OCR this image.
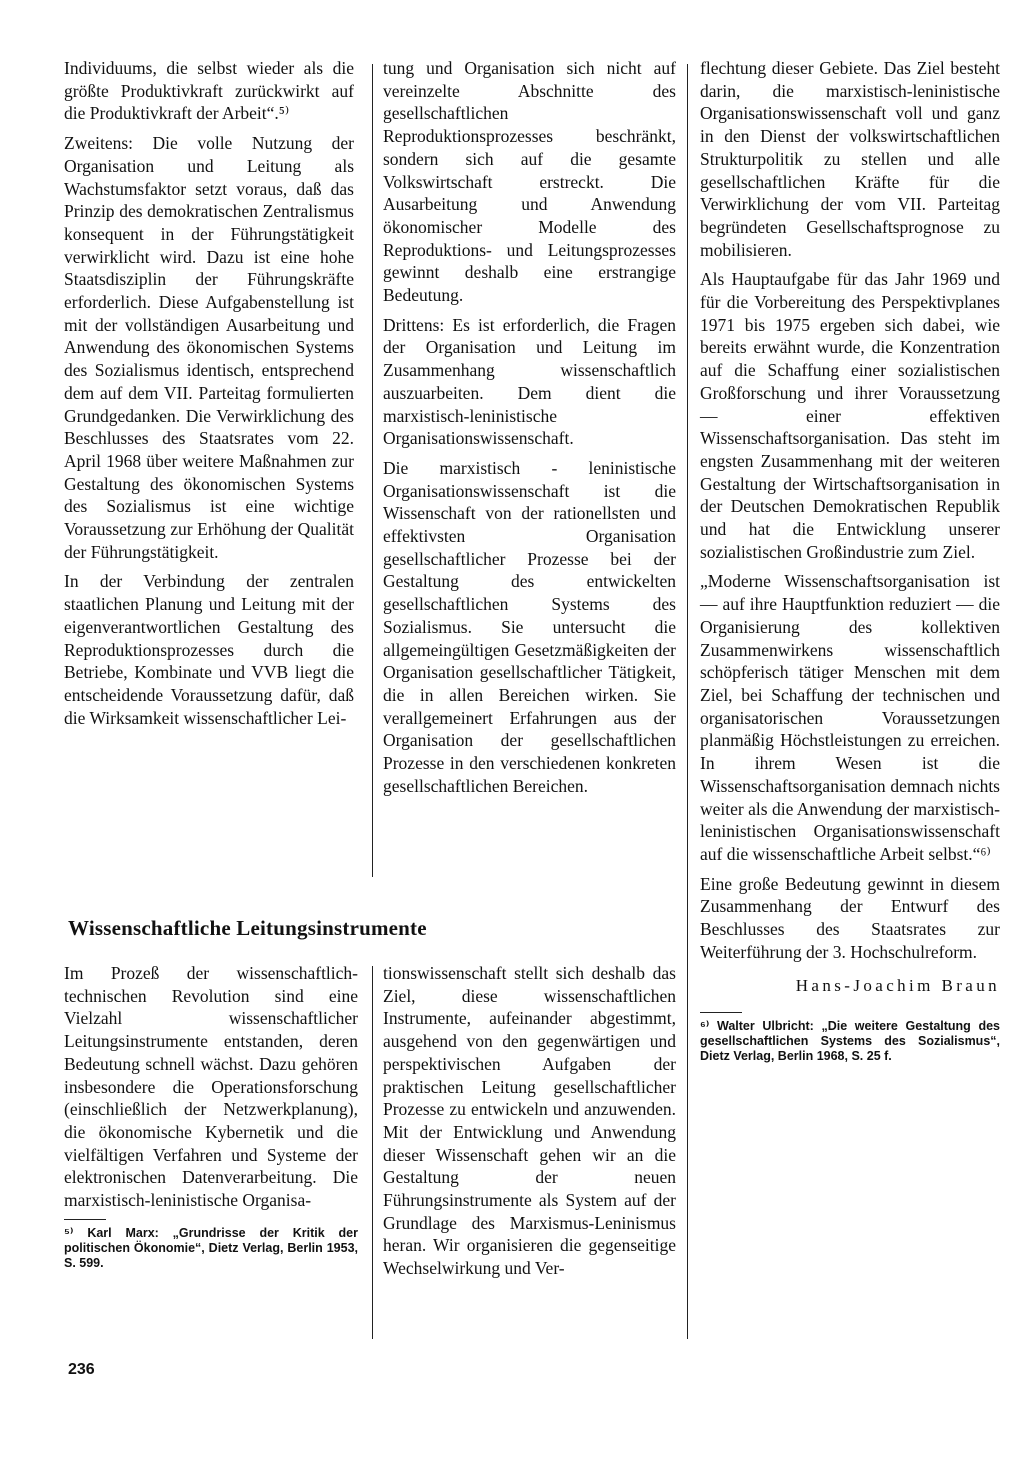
Individuums, die selbst wieder als die größte Produktivkraft zurückwirkt auf die Produktivkraft der Arbeit“.⁵⁾

Zweitens: Die volle Nutzung der Organisation und Leitung als Wachstumsfaktor setzt voraus, daß das Prinzip des demokratischen Zentralismus konsequent in der Führungstätigkeit verwirklicht wird. Dazu ist eine hohe Staatsdisziplin der Führungskräfte erforderlich. Diese Aufgabenstellung ist mit der vollständigen Ausarbeitung und Anwendung des ökonomischen Systems des Sozialismus identisch, entsprechend dem auf dem VII. Parteitag formulierten Grundgedanken. Die Verwirklichung des Beschlusses des Staatsrates vom 22. April 1968 über weitere Maßnahmen zur Gestaltung des ökonomischen Systems des Sozialismus ist eine wichtige Voraussetzung zur Erhöhung der Qualität der Führungstätigkeit.

In der Verbindung der zentralen staatlichen Planung und Leitung mit der eigenverantwortlichen Gestaltung des Reproduktionsprozesses durch die Betriebe, Kombinate und VVB liegt die entscheidende Voraussetzung dafür, daß die Wirksamkeit wissenschaftlicher Lei-

tung und Organisation sich nicht auf vereinzelte Abschnitte des gesellschaftlichen Reproduktionsprozesses beschränkt, sondern sich auf die gesamte Volkswirtschaft erstreckt. Die Ausarbeitung und Anwendung ökonomischer Modelle des Reproduktions- und Leitungsprozesses gewinnt deshalb eine erstrangige Bedeutung.

Drittens: Es ist erforderlich, die Fragen der Organisation und Leitung im Zusammenhang wissenschaftlich auszuarbeiten. Dem dient die marxistisch-leninistische Organisationswissenschaft.

Die marxistisch - leninistische Organisationswissenschaft ist die Wissenschaft von der rationellsten und effektivsten Organisation gesellschaftlicher Prozesse bei der Gestaltung des entwickelten gesellschaftlichen Systems des Sozialismus. Sie untersucht die allgemeingültigen Gesetzmäßigkeiten der Organisation gesellschaftlicher Tätigkeit, die in allen Bereichen wirken. Sie verallgemeinert Erfahrungen aus der Organisation der gesellschaftlichen Prozesse in den verschiedenen konkreten gesellschaftlichen Bereichen.

Wissenschaftliche Leitungsinstrumente

Im Prozeß der wissenschaftlich-technischen Revolution sind eine Vielzahl wissenschaftlicher Leitungsinstrumente entstanden, deren Bedeutung schnell wächst. Dazu gehören insbesondere die Operationsforschung (einschließlich der Netzwerkplanung), die ökonomische Kybernetik und die vielfältigen Verfahren und Systeme der elektronischen Datenverarbeitung. Die marxistisch-leninistische Organisa-

⁵⁾ Karl Marx: „Grundrisse der Kritik der politischen Ökonomie“, Dietz Verlag, Berlin 1953, S. 599.

tionswissenschaft stellt sich deshalb das Ziel, diese wissenschaftlichen Instrumente, aufeinander abgestimmt, ausgehend von den gegenwärtigen und perspektivischen Aufgaben der praktischen Leitung gesellschaftlicher Prozesse zu entwickeln und anzuwenden. Mit der Entwicklung und Anwendung dieser Wissenschaft gehen wir an die Gestaltung der neuen Führungsinstrumente als System auf der Grundlage des Marxismus-Leninismus heran. Wir organisieren die gegenseitige Wechselwirkung und Ver-

flechtung dieser Gebiete. Das Ziel besteht darin, die marxistisch-leninistische Organisationswissenschaft voll und ganz in den Dienst der volkswirtschaftlichen Strukturpolitik zu stellen und alle gesellschaftlichen Kräfte für die Verwirklichung der vom VII. Parteitag begründeten Gesellschaftsprognose zu mobilisieren.

Als Hauptaufgabe für das Jahr 1969 und für die Vorbereitung des Perspektivplanes 1971 bis 1975 ergeben sich dabei, wie bereits erwähnt wurde, die Konzentration auf die Schaffung einer sozialistischen Großforschung und ihrer Voraussetzung — einer effektiven Wissenschaftsorganisation. Das steht im engsten Zusammenhang mit der weiteren Gestaltung der Wirtschaftsorganisation in der Deutschen Demokratischen Republik und hat die Entwicklung unserer sozialistischen Großindustrie zum Ziel.

„Moderne Wissenschaftsorganisation ist — auf ihre Hauptfunktion reduziert — die Organisierung des kollektiven Zusammenwirkens wissenschaftlich schöpferisch tätiger Menschen mit dem Ziel, bei Schaffung der technischen und organisatorischen Voraussetzungen planmäßig Höchstleistungen zu erreichen. In ihrem Wesen ist die Wissenschaftsorganisation demnach nichts weiter als die Anwendung der marxistisch-leninistischen Organisationswissenschaft auf die wissenschaftliche Arbeit selbst.“⁶⁾

Eine große Bedeutung gewinnt in diesem Zusammenhang der Entwurf des Beschlusses des Staatsrates zur Weiterführung der 3. Hochschulreform.

Hans-Joachim Braun
⁶⁾ Walter Ulbricht: „Die weitere Gestaltung des gesellschaftlichen Systems des Sozialismus“, Dietz Verlag, Berlin 1968, S. 25 f.
236
